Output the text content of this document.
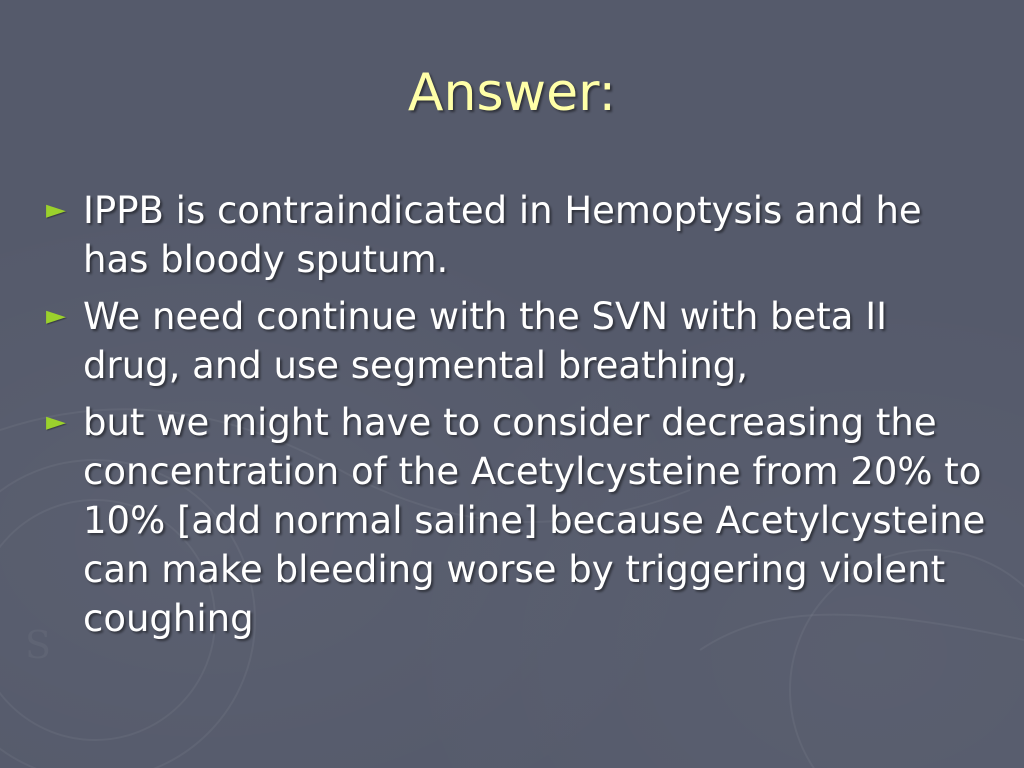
S
Answer:
► IPPB is contraindicated in Hemoptysis and he has bloody sputum.
► We need continue with the SVN with beta II drug, and use segmental breathing,
► but we might have to consider decreasing the concentration of the Acetylcysteine from 20% to 10% [add normal saline] because Acetylcysteine can make bleeding worse by triggering violent coughing
